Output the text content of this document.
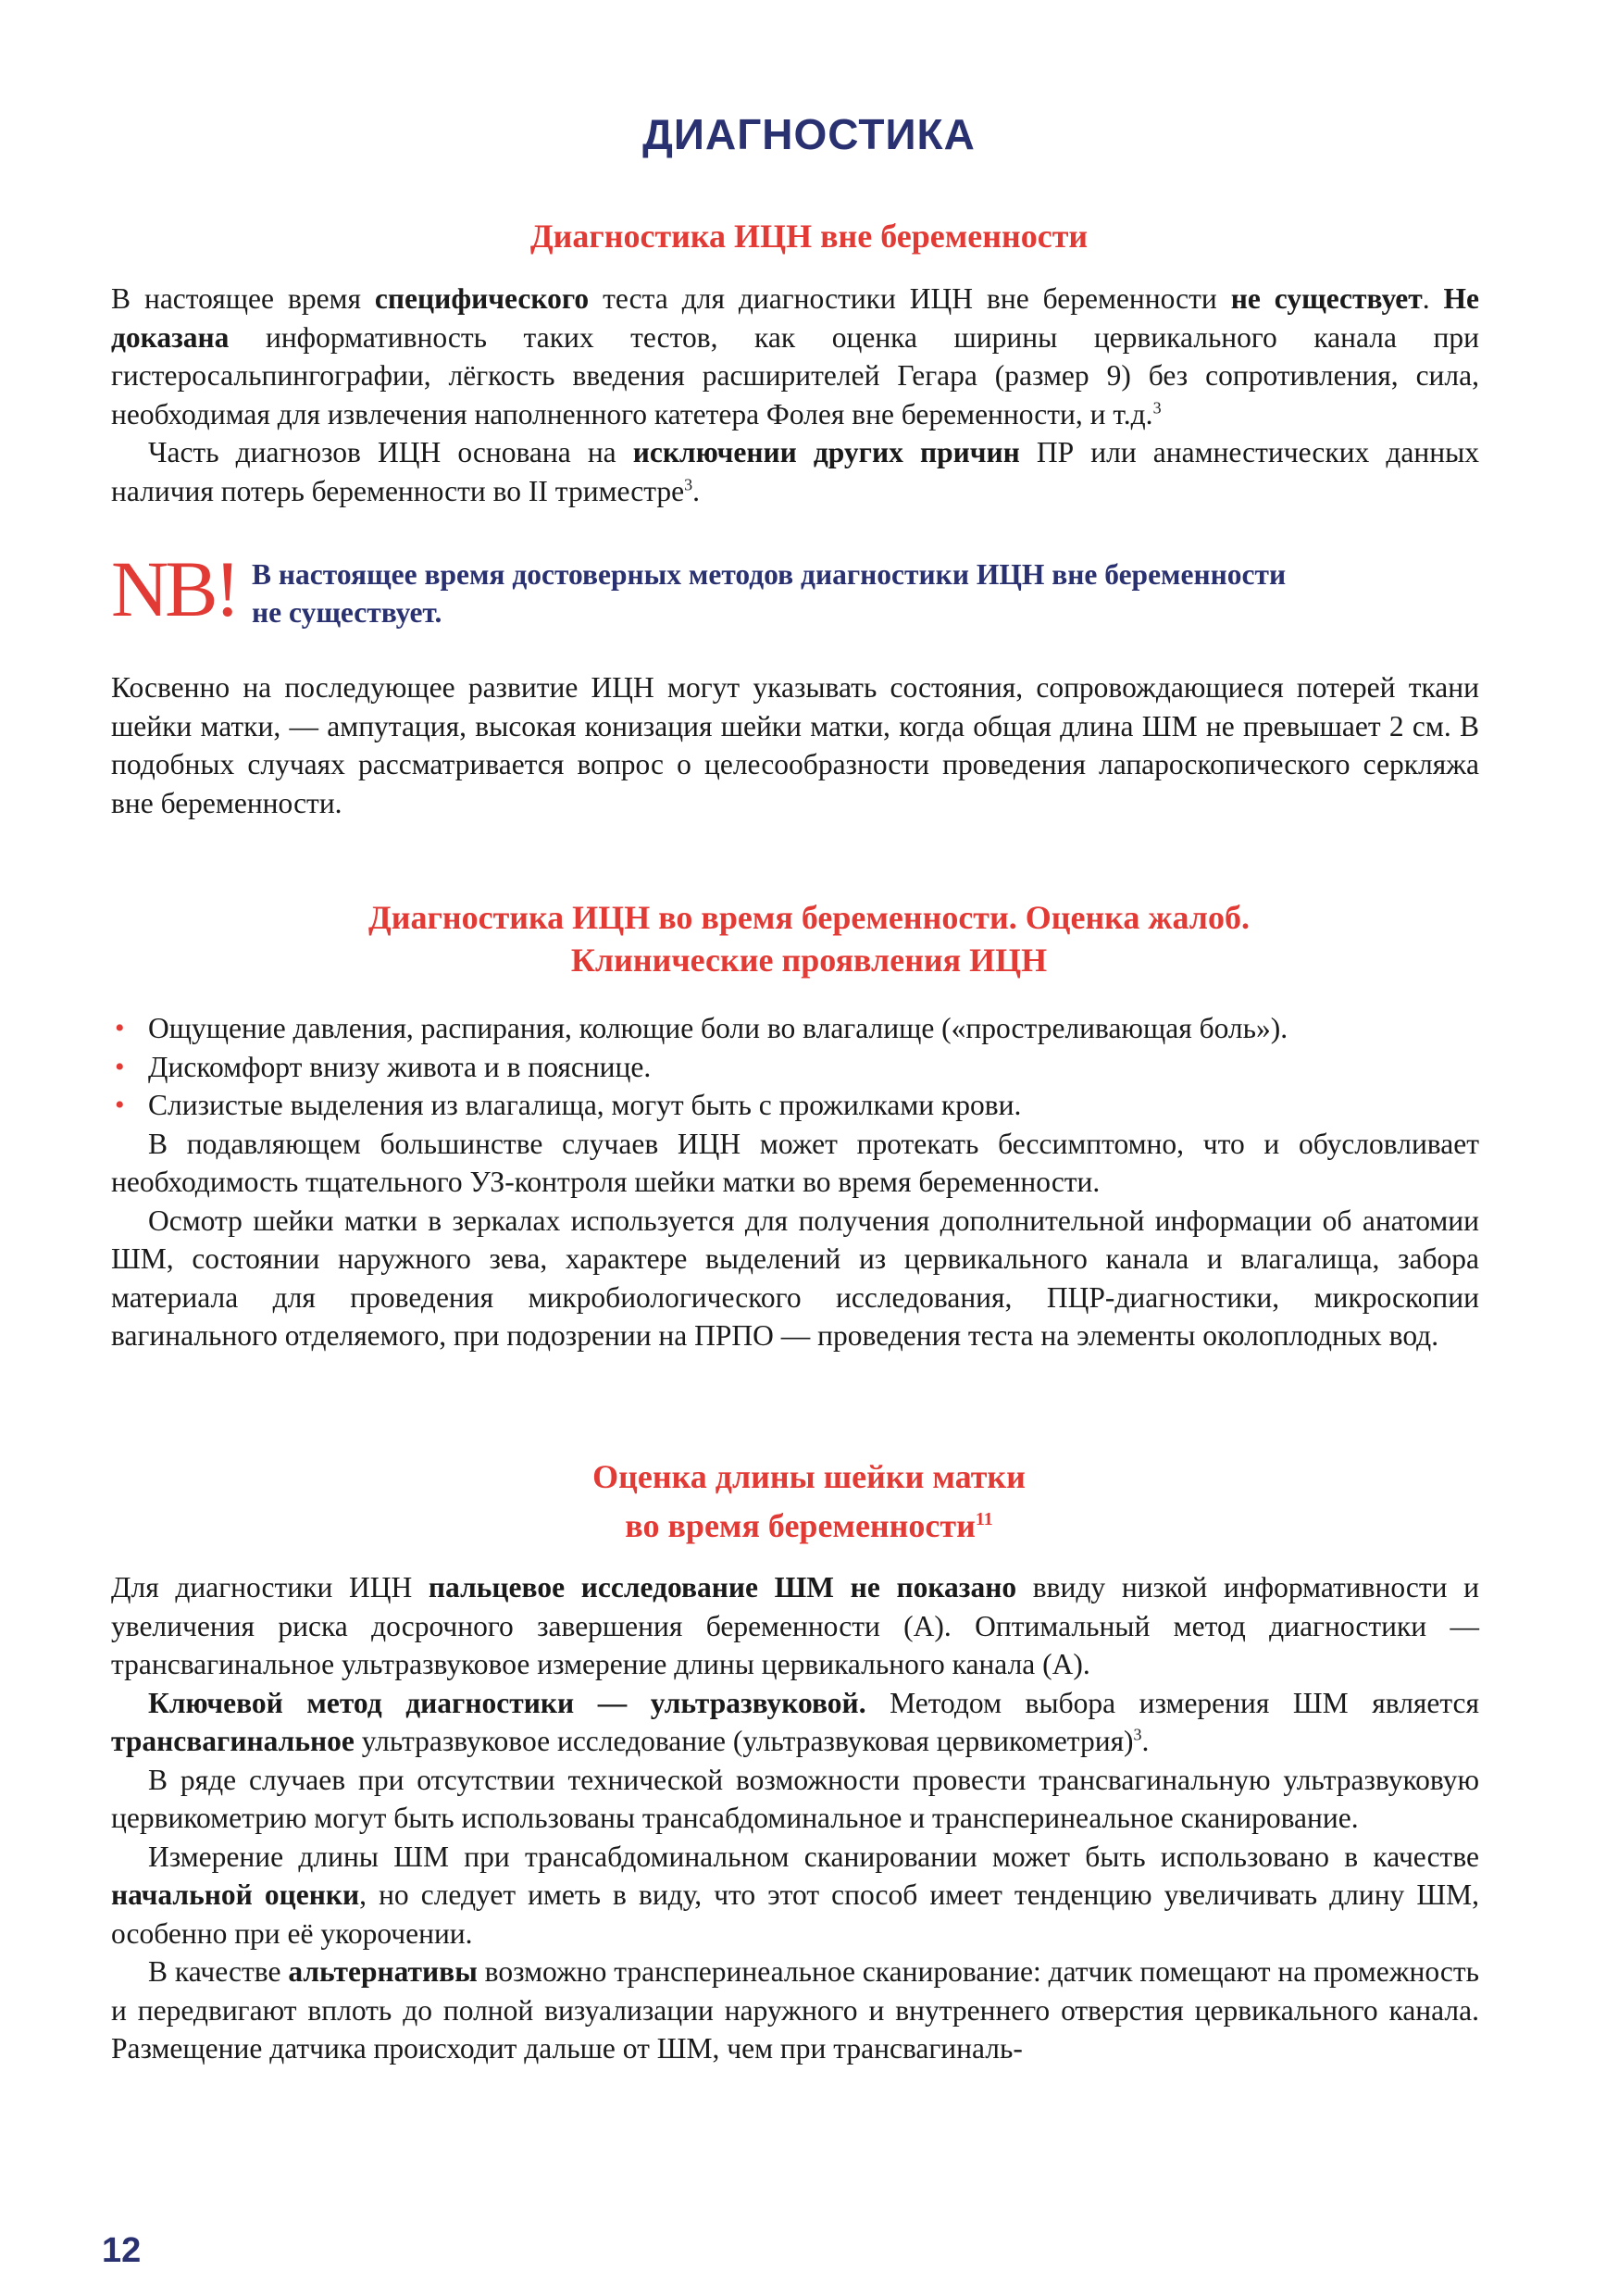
ДИАГНОСТИКА
Диагностика ИЦН вне беременности

В настоящее время специфического теста для диагностики ИЦН вне беременности не существует. Не доказана информативность таких тестов, как оценка ширины цервикального канала при гистеросальпингографии, лёгкость введения расширителей Гегара (размер 9) без сопротивления, сила, необходимая для извлечения наполненного катетера Фолея вне беременности, и т.д.$^3$

Часть диагнозов ИЦН основана на исключении других причин ПР или анамнестических данных наличия потерь беременности во II триместре$^3$.

NB! В настоящее время достоверных методов диагностики ИЦН вне беременности не существует.

Косвенно на последующее развитие ИЦН могут указывать состояния, сопровождающиеся потерей ткани шейки матки, — ампутация, высокая конизация шейки матки, когда общая длина ШМ не превышает 2 см. В подобных случаях рассматривается вопрос о целесообразности проведения лапароскопического серкляжа вне беременности.

Диагностика ИЦН во время беременности. Оценка жалоб.
Клинические проявления ИЦН
• Ощущение давления, распирания, колющие боли во влагалище («простреливающая боль»).
• Дискомфорт внизу живота и в пояснице.
• Слизистые выделения из влагалища, могут быть с прожилками крови.

В подавляющем большинстве случаев ИЦН может протекать бессимптомно, что и обусловливает необходимость тщательного УЗ-контроля шейки матки во время беременности.

Осмотр шейки матки в зеркалах используется для получения дополнительной информации об анатомии ШМ, состоянии наружного зева, характере выделений из цервикального канала и влагалища, забора материала для проведения микробиологического исследования, ПЦР-диагностики, микроскопии вагинального отделяемого, при подозрении на ПРПО — проведения теста на элементы околоплодных вод.

Оценка длины шейки матки
во время беременности$^{11}$

Для диагностики ИЦН пальцевое исследование ШМ не показано ввиду низкой информативности и увеличения риска досрочного завершения беременности (А). Оптимальный метод диагностики — трансвагинальное ультразвуковое измерение длины цервикального канала (А).

Ключевой метод диагностики — ультразвуковой. Методом выбора измерения ШМ является трансвагинальное ультразвуковое исследование (ультразвуковая цервикометрия)$^3$.

В ряде случаев при отсутствии технической возможности провести трансвагинальную ультразвуковую цервикометрию могут быть использованы трансабдоминальное и трансперинеальное сканирование.

Измерение длины ШМ при трансабдоминальном сканировании может быть использовано в качестве начальной оценки, но следует иметь в виду, что этот способ имеет тенденцию увеличивать длину ШМ, особенно при её укорочении.

В качестве альтернативы возможно трансперинеальное сканирование: датчик помещают на промежность и передвигают вплоть до полной визуализации наружного и внутреннего отверстия цервикального канала. Размещение датчика происходит дальше от ШМ, чем при трансвагиналь-

12
